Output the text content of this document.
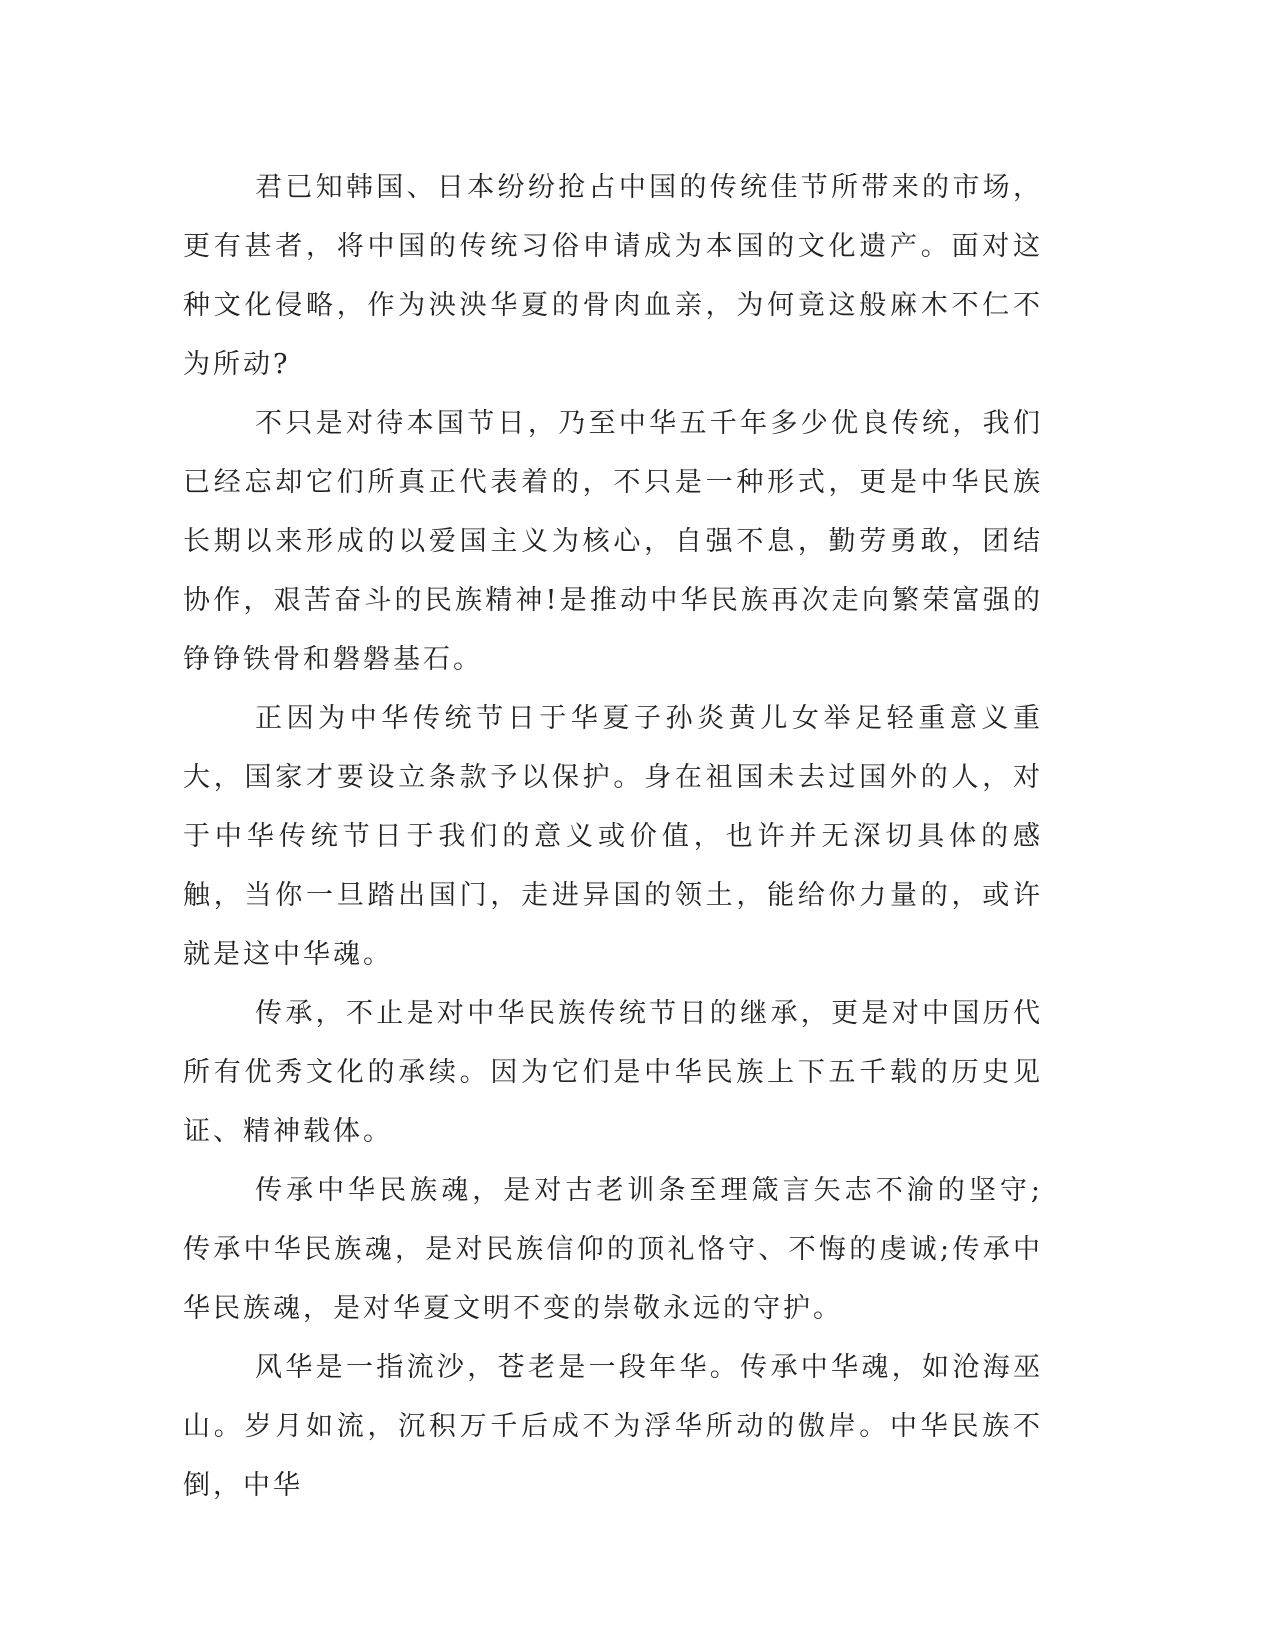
君已知韩国、日本纷纷抢占中国的传统佳节所带来的市场，更有甚者，将中国的传统习俗申请成为本国的文化遗产。面对这种文化侵略，作为泱泱华夏的骨肉血亲，为何竟这般麻木不仁不为所动?

不只是对待本国节日，乃至中华五千年多少优良传统，我们已经忘却它们所真正代表着的，不只是一种形式，更是中华民族长期以来形成的以爱国主义为核心，自强不息，勤劳勇敢，团结协作，艰苦奋斗的民族精神!是推动中华民族再次走向繁荣富强的铮铮铁骨和磐磐基石。

正因为中华传统节日于华夏子孙炎黄儿女举足轻重意义重大，国家才要设立条款予以保护。身在祖国未去过国外的人，对于中华传统节日于我们的意义或价值，也许并无深切具体的感触，当你一旦踏出国门，走进异国的领土，能给你力量的，或许就是这中华魂。

传承，不止是对中华民族传统节日的继承，更是对中国历代所有优秀文化的承续。因为它们是中华民族上下五千载的历史见证、精神载体。

传承中华民族魂，是对古老训条至理箴言矢志不渝的坚守;传承中华民族魂，是对民族信仰的顶礼恪守、不悔的虔诚;传承中华民族魂，是对华夏文明不变的崇敬永远的守护。

风华是一指流沙，苍老是一段年华。传承中华魂，如沧海巫山。岁月如流，沉积万千后成不为浮华所动的傲岸。中华民族不倒，中华
